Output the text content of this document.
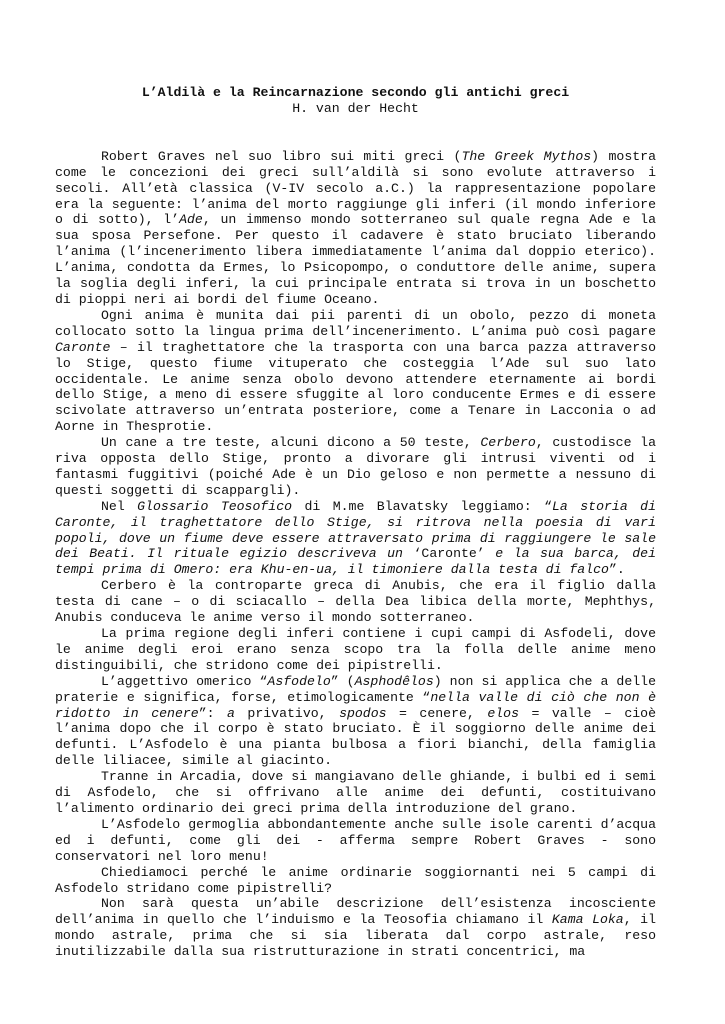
L’Aldilà e la Reincarnazione secondo gli antichi greci

H. van der Hecht

Robert Graves nel suo libro sui miti greci (The Greek Mythos) mostra come le concezioni dei greci sull’aldilà si sono evolute attraverso i secoli. All’età classica (V-IV secolo a.C.) la rappresentazione popolare era la seguente: l’anima del morto raggiunge gli inferi (il mondo inferiore o di sotto), l’Ade, un immenso mondo sotterraneo sul quale regna Ade e la sua sposa Persefone. Per questo il cadavere è stato bruciato liberando l’anima (l’incenerimento libera immediatamente l’anima dal doppio eterico). L’anima, condotta da Ermes, lo Psicopompo, o conduttore delle anime, supera la soglia degli inferi, la cui principale entrata si trova in un boschetto di pioppi neri ai bordi del fiume Oceano.

Ogni anima è munita dai pii parenti di un obolo, pezzo di moneta collocato sotto la lingua prima dell’incenerimento. L’anima può così pagare Caronte – il traghettatore che la trasporta con una barca pazza attraverso lo Stige, questo fiume vituperato che costeggia l’Ade sul suo lato occidentale. Le anime senza obolo devono attendere eternamente ai bordi dello Stige, a meno di essere sfuggite al loro conducente Ermes e di essere scivolate attraverso un’entrata posteriore, come a Tenare in Lacconia o ad Aorne in Thesprotie.

Un cane a tre teste, alcuni dicono a 50 teste, Cerbero, custodisce la riva opposta dello Stige, pronto a divorare gli intrusi viventi od i fantasmi fuggitivi (poiché Ade è un Dio geloso e non permette a nessuno di questi soggetti di scappargli).

Nel Glossario Teosofico di M.me Blavatsky leggiamo: “La storia di Caronte, il traghettatore dello Stige, si ritrova nella poesia di vari popoli, dove un fiume deve essere attraversato prima di raggiungere le sale dei Beati. Il rituale egizio descriveva un ‘Caronte’ e la sua barca, dei tempi prima di Omero: era Khu-en-ua, il timoniere dalla testa di falco”.

Cerbero è la controparte greca di Anubis, che era il figlio dalla testa di cane – o di sciacallo – della Dea libica della morte, Mephthys, Anubis conduceva le anime verso il mondo sotterraneo.

La prima regione degli inferi contiene i cupi campi di Asfodeli, dove le anime degli eroi erano senza scopo tra la folla delle anime meno distinguibili, che stridono come dei pipistrelli.

L’aggettivo omerico “Asfodelo” (Asphodêlos) non si applica che a delle praterie e significa, forse, etimologicamente “nella valle di ciò che non è ridotto in cenere”: a privativo, spodos = cenere, elos = valle – cioè l’anima dopo che il corpo è stato bruciato. È il soggiorno delle anime dei defunti. L’Asfodelo è una pianta bulbosa a fiori bianchi, della famiglia delle liliacee, simile al giacinto.

Tranne in Arcadia, dove si mangiavano delle ghiande, i bulbi ed i semi di Asfodelo, che si offrivano alle anime dei defunti, costituivano l’alimento ordinario dei greci prima della introduzione del grano.

L’Asfodelo germoglia abbondantemente anche sulle isole carenti d’acqua ed i defunti, come gli dei - afferma sempre Robert Graves - sono conservatori nel loro menu!

Chiediamoci perché le anime ordinarie soggiornanti nei 5 campi di Asfodelo stridano come pipistrelli?

Non sarà questa un’abile descrizione dell’esistenza incosciente dell’anima in quello che l’induismo e la Teosofia chiamano il Kama Loka, il mondo astrale, prima che si sia liberata dal corpo astrale, reso inutilizzabile dalla sua ristrutturazione in strati concentrici, ma
